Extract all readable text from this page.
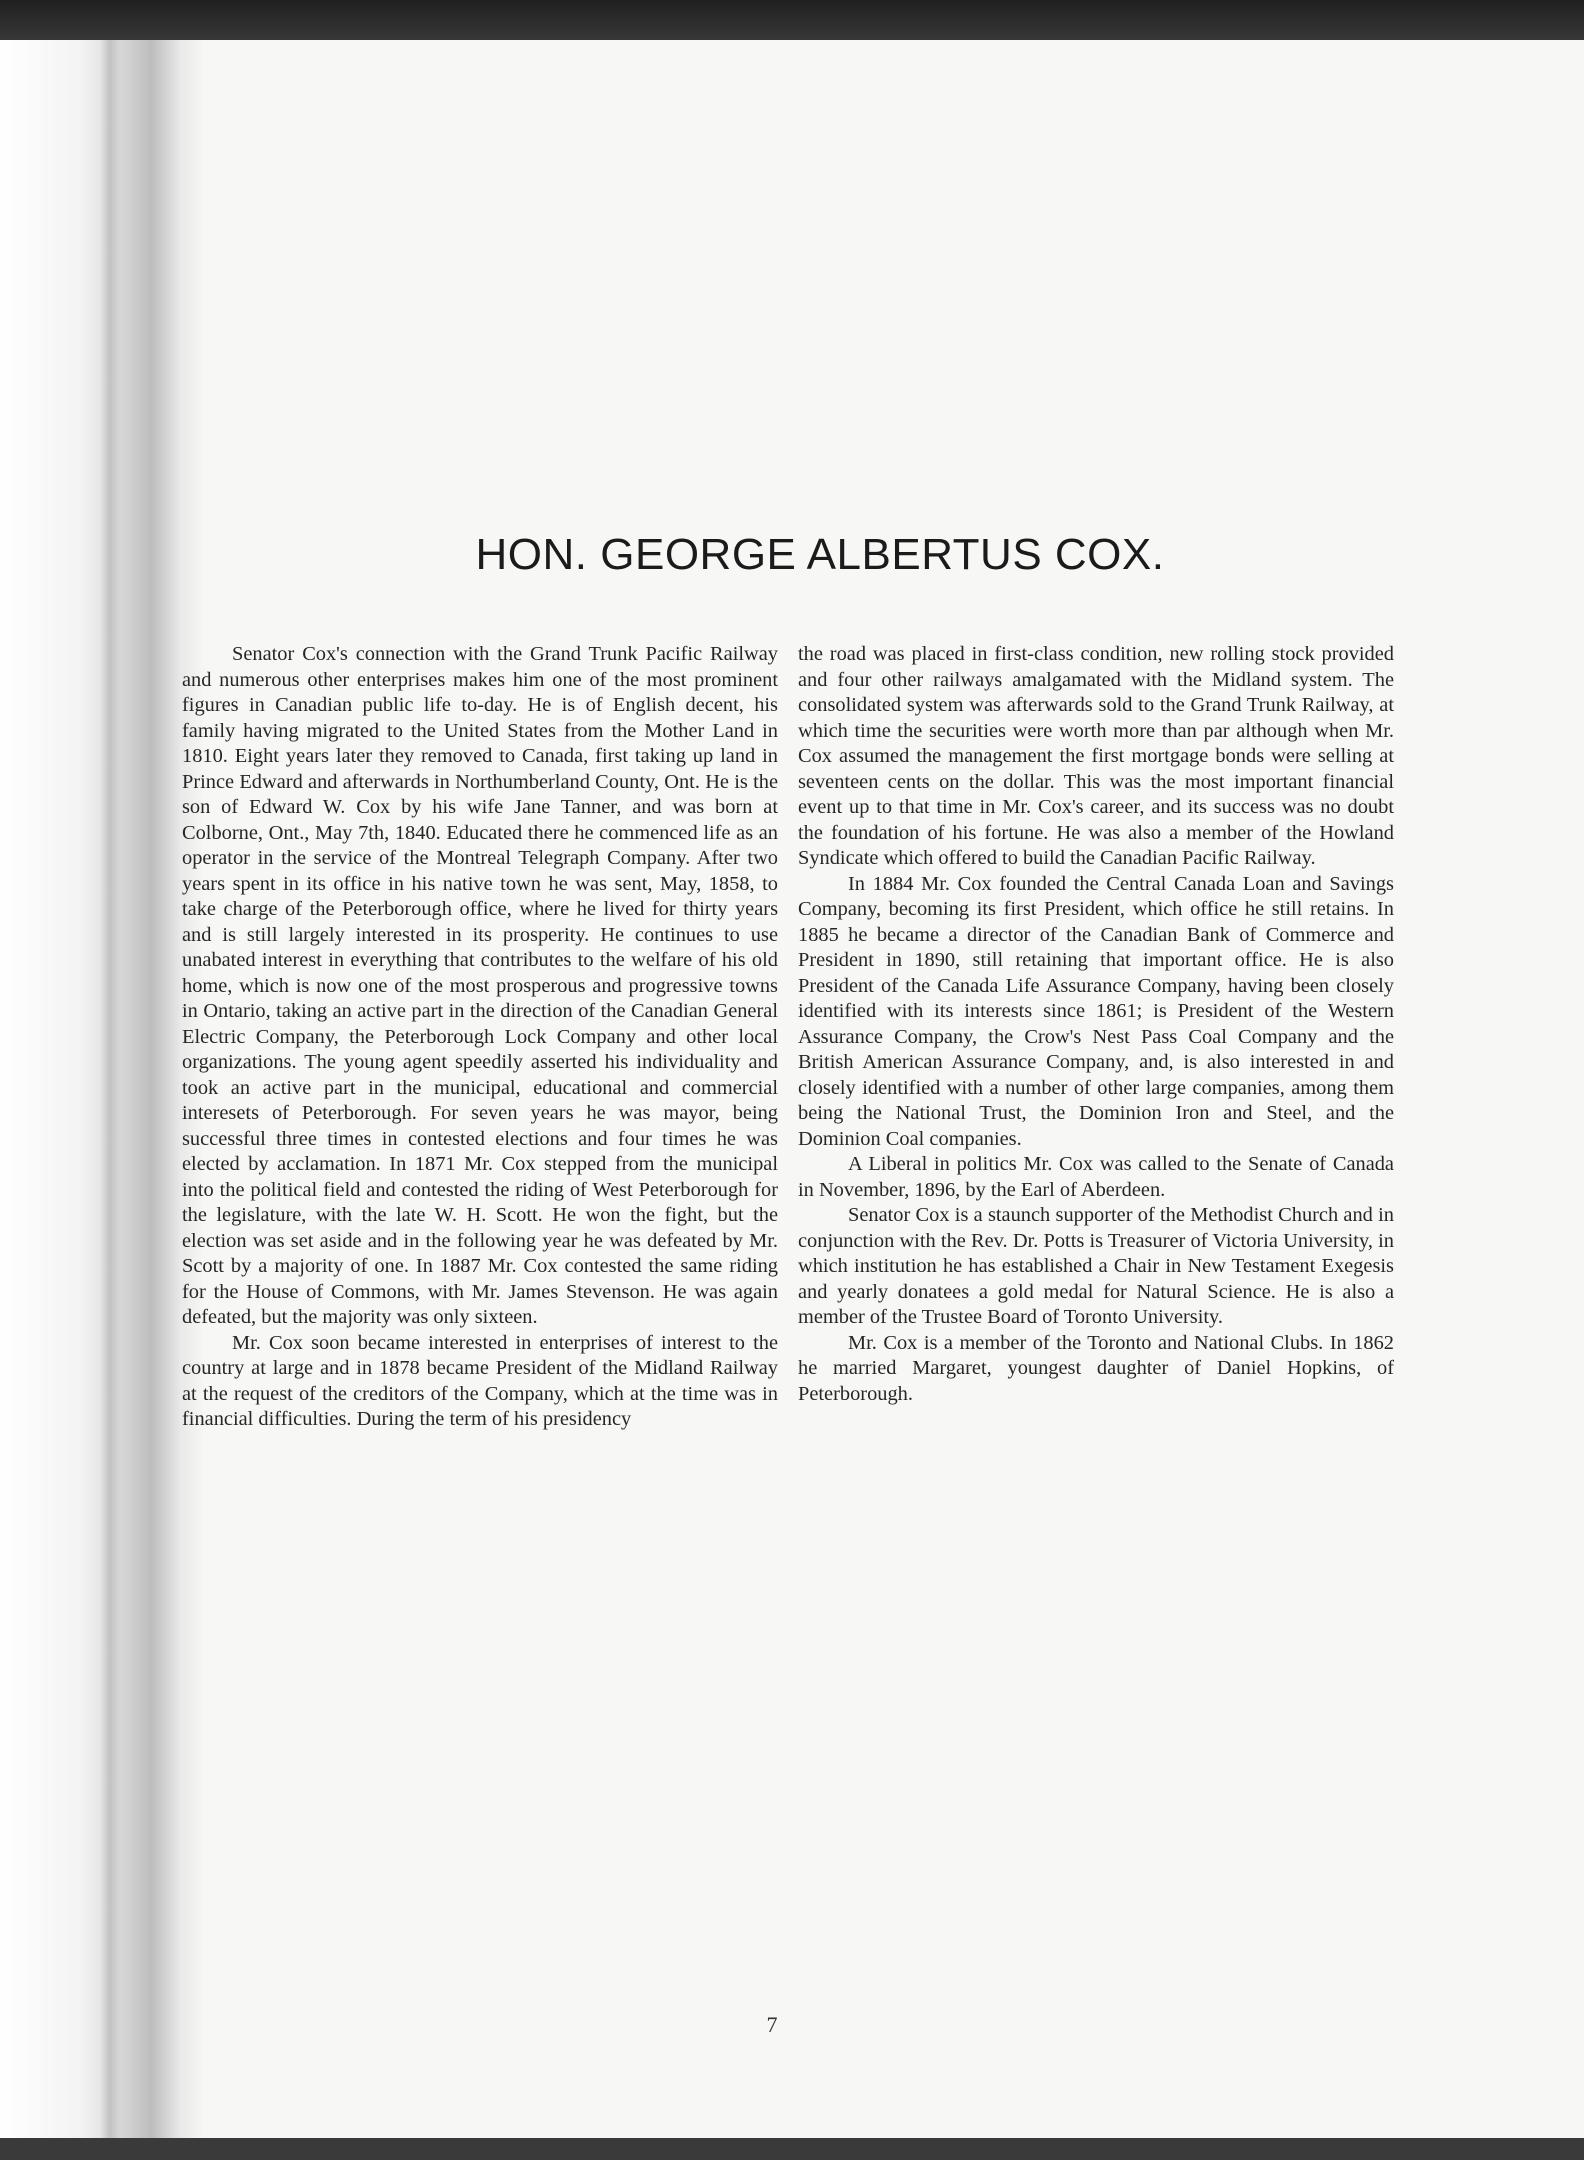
HON. GEORGE ALBERTUS COX.

Senator Cox's connection with the Grand Trunk Pacific Railway and numerous other enterprises makes him one of the most prominent figures in Canadian public life to-day. He is of English decent, his family having migrated to the United States from the Mother Land in 1810. Eight years later they removed to Canada, first taking up land in Prince Edward and afterwards in Northumberland County, Ont. He is the son of Edward W. Cox by his wife Jane Tanner, and was born at Colborne, Ont., May 7th, 1840. Educated there he commenced life as an operator in the service of the Montreal Telegraph Company. After two years spent in its office in his native town he was sent, May, 1858, to take charge of the Peterborough office, where he lived for thirty years and is still largely interested in its prosperity. He continues to use unabated interest in everything that contributes to the welfare of his old home, which is now one of the most prosperous and progressive towns in Ontario, taking an active part in the direction of the Canadian General Electric Company, the Peterborough Lock Company and other local organizations. The young agent speedily asserted his individuality and took an active part in the municipal, educational and commercial interesets of Peterborough. For seven years he was mayor, being successful three times in contested elections and four times he was elected by acclamation. In 1871 Mr. Cox stepped from the municipal into the political field and contested the riding of West Peterborough for the legislature, with the late W. H. Scott. He won the fight, but the election was set aside and in the following year he was defeated by Mr. Scott by a majority of one. In 1887 Mr. Cox contested the same riding for the House of Commons, with Mr. James Stevenson. He was again defeated, but the majority was only sixteen.

Mr. Cox soon became interested in enterprises of interest to the country at large and in 1878 became President of the Midland Railway at the request of the creditors of the Company, which at the time was in financial difficulties. During the term of his presidency

the road was placed in first-class condition, new rolling stock provided and four other railways amalgamated with the Midland system. The consolidated system was afterwards sold to the Grand Trunk Railway, at which time the securities were worth more than par although when Mr. Cox assumed the management the first mortgage bonds were selling at seventeen cents on the dollar. This was the most important financial event up to that time in Mr. Cox's career, and its success was no doubt the foundation of his fortune. He was also a member of the Howland Syndicate which offered to build the Canadian Pacific Railway.

In 1884 Mr. Cox founded the Central Canada Loan and Savings Company, becoming its first President, which office he still retains. In 1885 he became a director of the Canadian Bank of Commerce and President in 1890, still retaining that important office. He is also President of the Canada Life Assurance Company, having been closely identified with its interests since 1861; is President of the Western Assurance Company, the Crow's Nest Pass Coal Company and the British American Assurance Company, and, is also interested in and closely identified with a number of other large companies, among them being the National Trust, the Dominion Iron and Steel, and the Dominion Coal companies.

A Liberal in politics Mr. Cox was called to the Senate of Canada in November, 1896, by the Earl of Aberdeen.

Senator Cox is a staunch supporter of the Methodist Church and in conjunction with the Rev. Dr. Potts is Treasurer of Victoria University, in which institution he has established a Chair in New Testament Exegesis and yearly donatees a gold medal for Natural Science. He is also a member of the Trustee Board of Toronto University.

Mr. Cox is a member of the Toronto and National Clubs. In 1862 he married Margaret, youngest daughter of Daniel Hopkins, of Peterborough.

7
